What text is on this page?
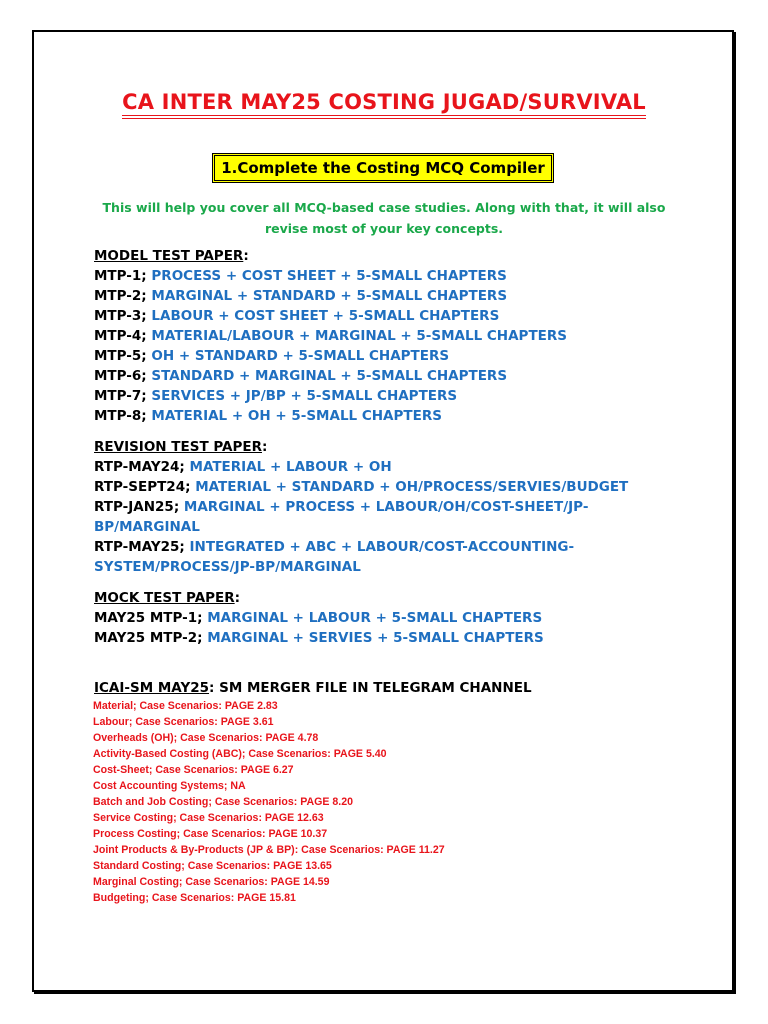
CA INTER MAY25 COSTING JUGAD/SURVIVAL
1.Complete the Costing MCQ Compiler
This will help you cover all MCQ-based case studies. Along with that, it will also
revise most of your key concepts.
MODEL TEST PAPER:
MTP-1; PROCESS + COST SHEET + 5-SMALL CHAPTERS
MTP-2; MARGINAL + STANDARD + 5-SMALL CHAPTERS
MTP-3; LABOUR + COST SHEET + 5-SMALL CHAPTERS
MTP-4; MATERIAL/LABOUR + MARGINAL + 5-SMALL CHAPTERS
MTP-5; OH + STANDARD + 5-SMALL CHAPTERS
MTP-6; STANDARD + MARGINAL + 5-SMALL CHAPTERS
MTP-7; SERVICES + JP/BP + 5-SMALL CHAPTERS
MTP-8; MATERIAL + OH + 5-SMALL CHAPTERS
REVISION TEST PAPER:
RTP-MAY24; MATERIAL + LABOUR + OH
RTP-SEPT24; MATERIAL + STANDARD + OH/PROCESS/SERVIES/BUDGET
RTP-JAN25; MARGINAL + PROCESS + LABOUR/OH/COST-SHEET/JP-BP/MARGINAL
RTP-MAY25; INTEGRATED + ABC + LABOUR/COST-ACCOUNTING-SYSTEM/PROCESS/JP-BP/MARGINAL
MOCK TEST PAPER:
MAY25 MTP-1; MARGINAL + LABOUR + 5-SMALL CHAPTERS
MAY25 MTP-2; MARGINAL + SERVIES + 5-SMALL CHAPTERS
ICAI-SM MAY25: SM MERGER FILE IN TELEGRAM CHANNEL
Material; Case Scenarios: PAGE 2.83
Labour; Case Scenarios: PAGE 3.61
Overheads (OH); Case Scenarios: PAGE 4.78
Activity-Based Costing (ABC); Case Scenarios: PAGE 5.40
Cost-Sheet; Case Scenarios: PAGE 6.27
Cost Accounting Systems; NA
Batch and Job Costing; Case Scenarios: PAGE 8.20
Service Costing; Case Scenarios: PAGE 12.63
Process Costing; Case Scenarios: PAGE 10.37
Joint Products & By-Products (JP & BP): Case Scenarios: PAGE 11.27
Standard Costing; Case Scenarios: PAGE 13.65
Marginal Costing; Case Scenarios: PAGE 14.59
Budgeting; Case Scenarios: PAGE 15.81
